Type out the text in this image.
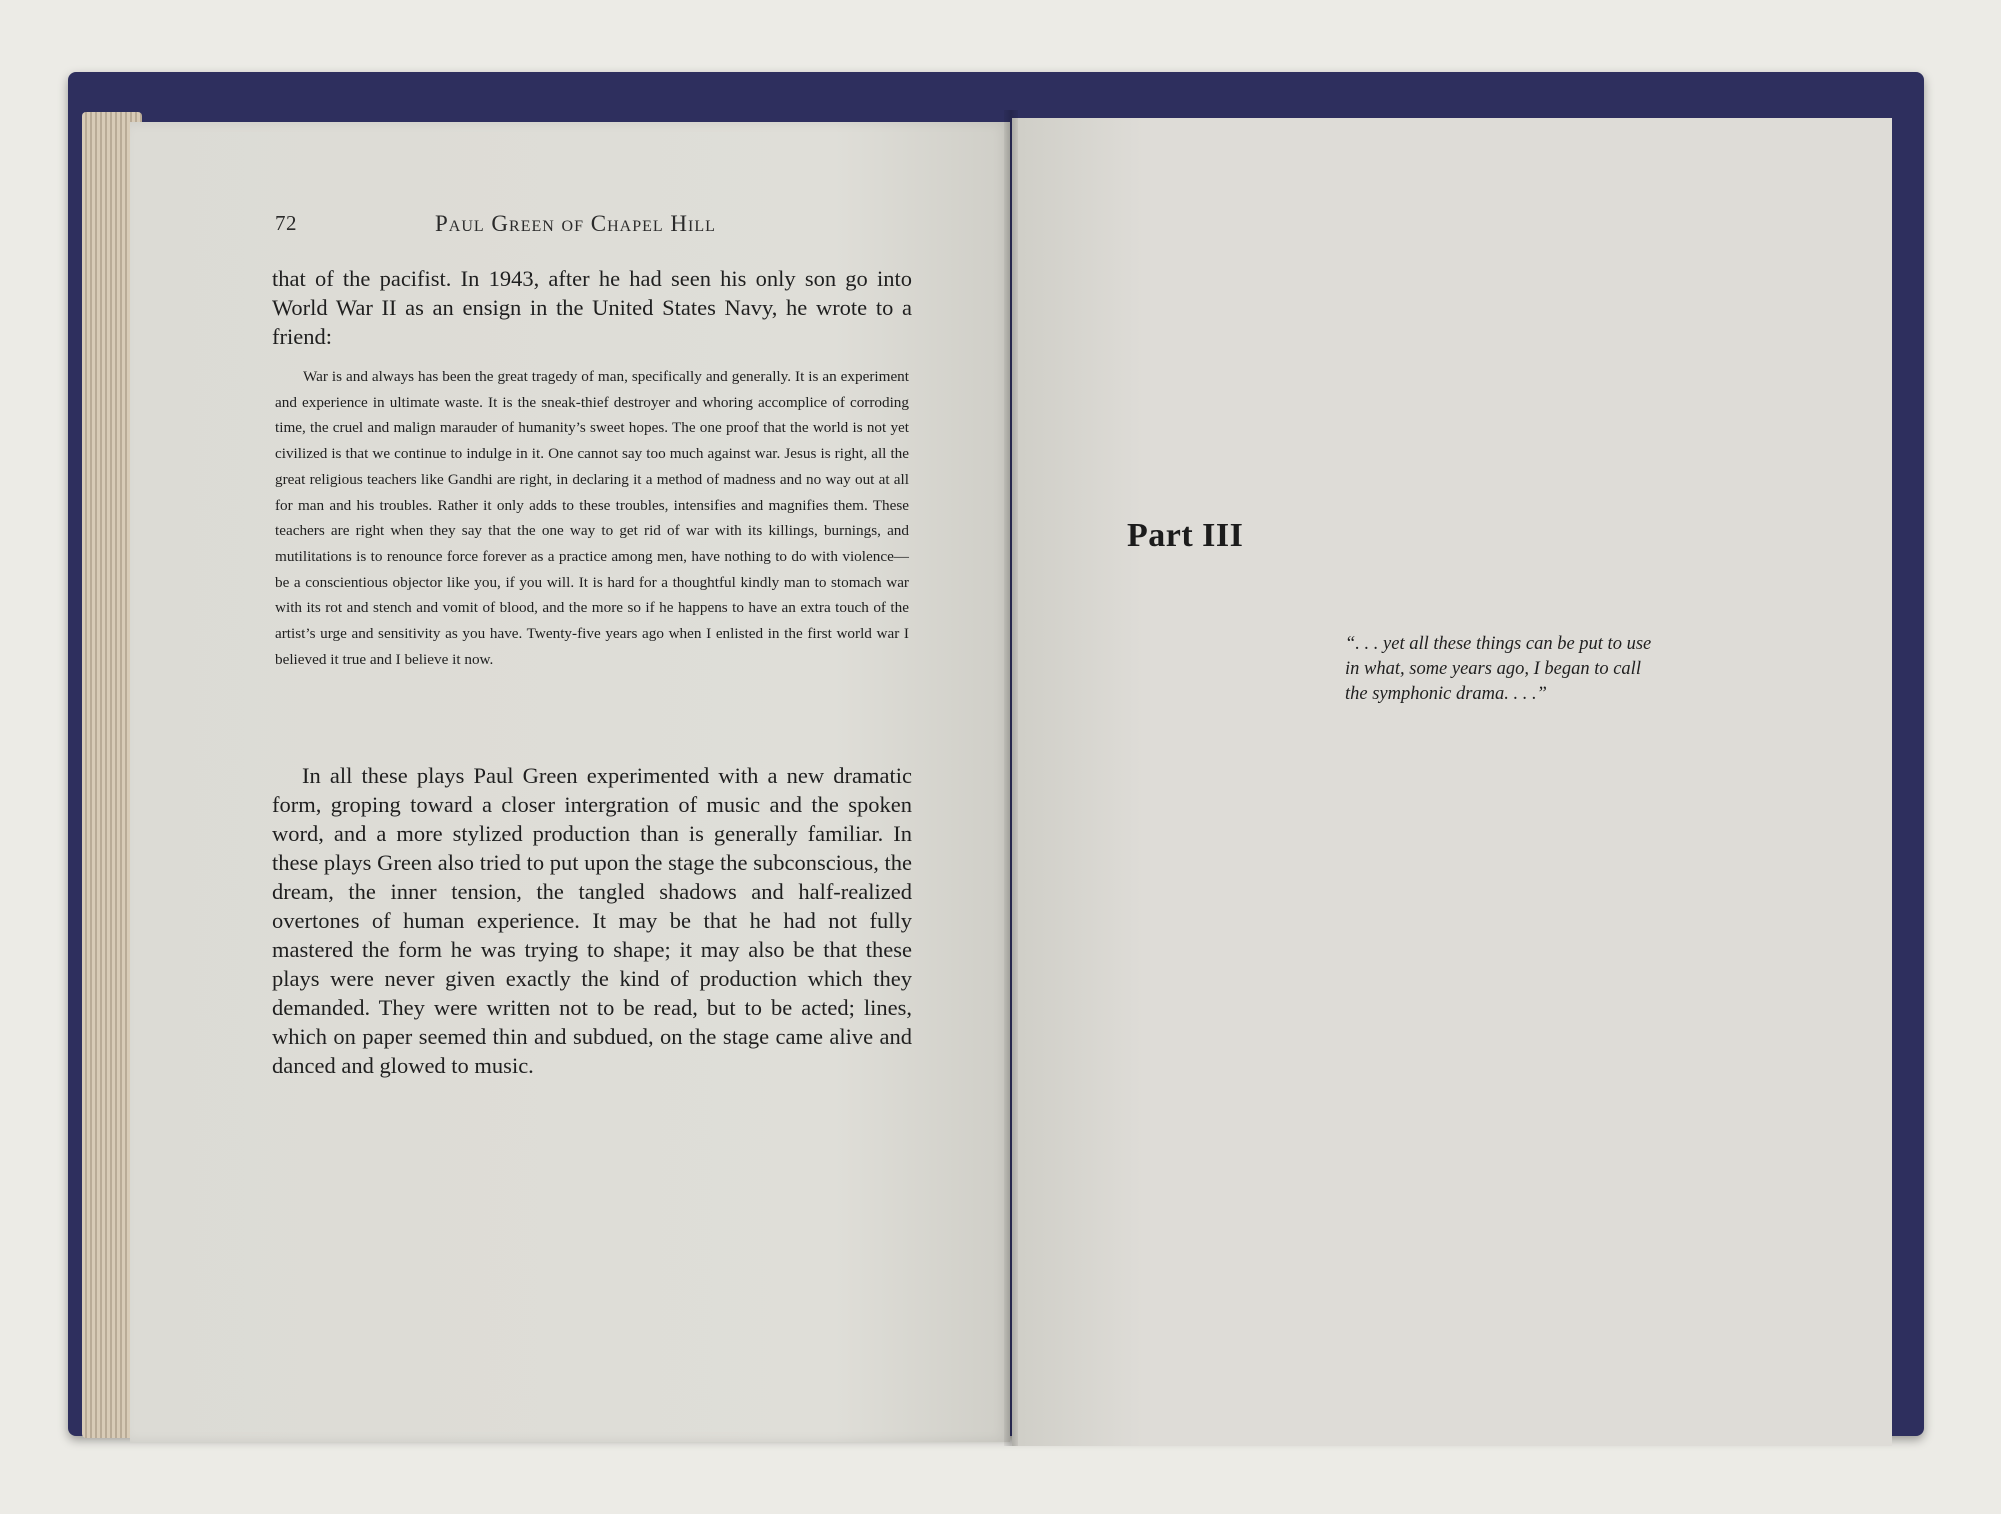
72	Paul Green of Chapel Hill
that of the pacifist. In 1943, after he had seen his only son go into World War II as an ensign in the United States Navy, he wrote to a friend:
War is and always has been the great tragedy of man, specifically and generally. It is an experiment and experience in ultimate waste. It is the sneak-thief destroyer and whoring accomplice of corroding time, the cruel and malign marauder of humanity’s sweet hopes. The one proof that the world is not yet civilized is that we continue to indulge in it. One cannot say too much against war. Jesus is right, all the great religious teachers like Gandhi are right, in declaring it a method of madness and no way out at all for man and his troubles. Rather it only adds to these troubles, intensifies and magnifies them. These teachers are right when they say that the one way to get rid of war with its killings, burnings, and mutilitations is to renounce force forever as a practice among men, have nothing to do with violence—be a conscientious objector like you, if you will. It is hard for a thoughtful kindly man to stomach war with its rot and stench and vomit of blood, and the more so if he happens to have an extra touch of the artist’s urge and sensitivity as you have. Twenty-five years ago when I enlisted in the first world war I believed it true and I believe it now.
In all these plays Paul Green experimented with a new dramatic form, groping toward a closer intergration of music and the spoken word, and a more stylized production than is generally familiar. In these plays Green also tried to put upon the stage the subconscious, the dream, the inner tension, the tangled shadows and half-realized overtones of human experience. It may be that he had not fully mastered the form he was trying to shape; it may also be that these plays were never given exactly the kind of production which they demanded. They were written not to be read, but to be acted; lines, which on paper seemed thin and subdued, on the stage came alive and danced and glowed to music.
Part III
“. . . yet all these things can be put to use
in what, some years ago, I began to call
the symphonic drama. . . .”
